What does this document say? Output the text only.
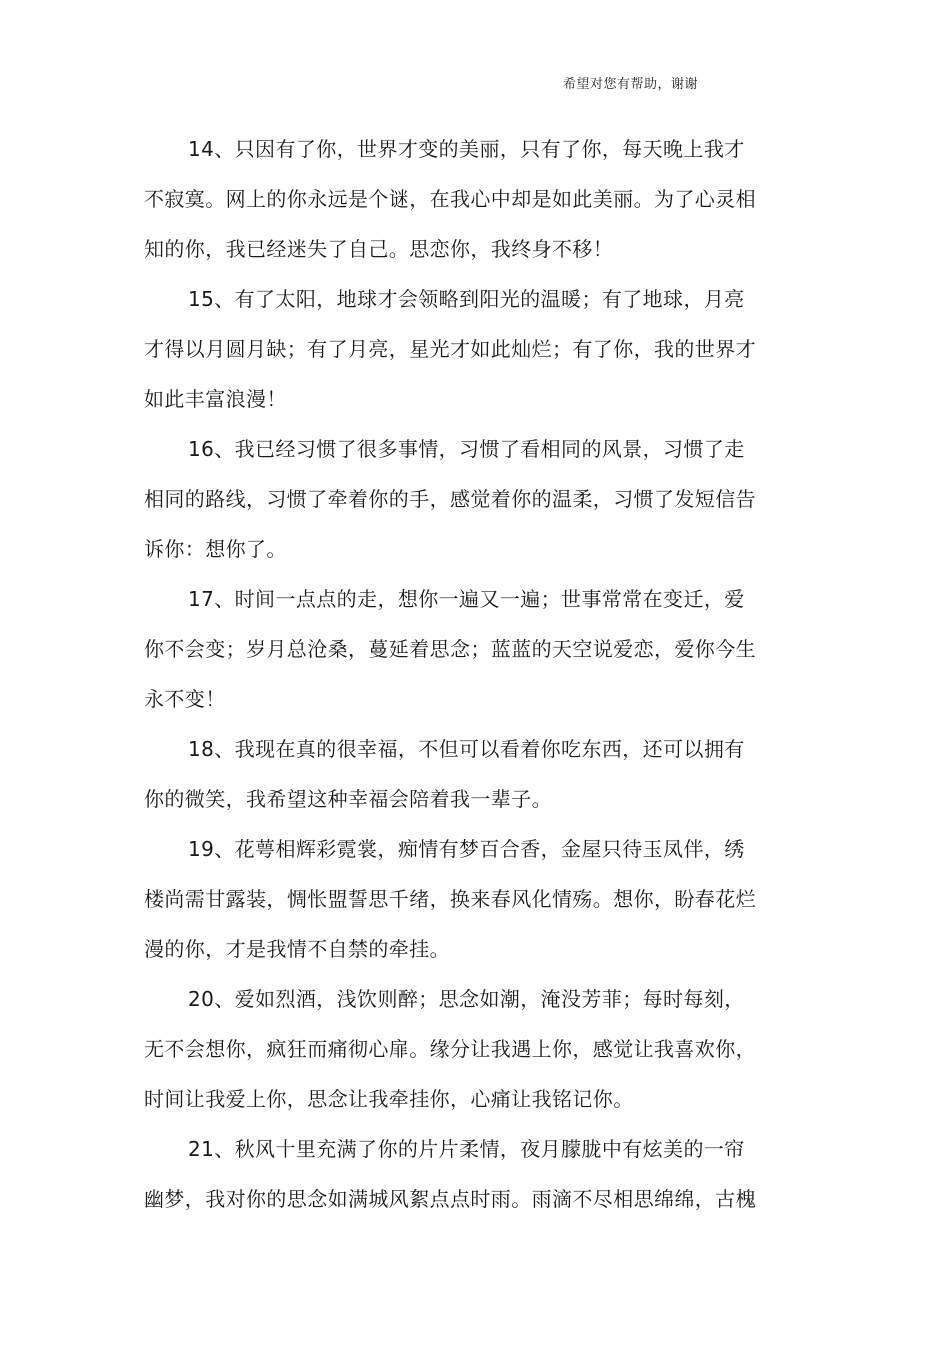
希望对您有帮助，谢谢
14、只因有了你，世界才变的美丽，只有了你，每天晚上我才
不寂寞。网上的你永远是个谜，在我心中却是如此美丽。为了心灵相
知的你，我已经迷失了自己。思恋你，我终身不移！
15、有了太阳，地球才会领略到阳光的温暖；有了地球，月亮
才得以月圆月缺；有了月亮，星光才如此灿烂；有了你，我的世界才
如此丰富浪漫！
16、我已经习惯了很多事情，习惯了看相同的风景，习惯了走
相同的路线，习惯了牵着你的手，感觉着你的温柔，习惯了发短信告
诉你：想你了。
17、时间一点点的走，想你一遍又一遍；世事常常在变迁，爱
你不会变；岁月总沧桑，蔓延着思念；蓝蓝的天空说爱恋，爱你今生
永不变！
18、我现在真的很幸福，不但可以看着你吃东西，还可以拥有
你的微笑，我希望这种幸福会陪着我一辈子。
19、花萼相辉彩霓裳，痴情有梦百合香，金屋只待玉凤伴，绣
楼尚需甘露装，惆怅盟誓思千绪，换来春风化情殇。想你，盼春花烂
漫的你，才是我情不自禁的牵挂。
20、爱如烈酒，浅饮则醉；思念如潮，淹没芳菲；每时每刻，
无不会想你，疯狂而痛彻心扉。缘分让我遇上你，感觉让我喜欢你，
时间让我爱上你，思念让我牵挂你，心痛让我铭记你。
21、秋风十里充满了你的片片柔情，夜月朦胧中有炫美的一帘
幽梦，我对你的思念如满城风絮点点时雨。雨滴不尽相思绵绵，古槐
